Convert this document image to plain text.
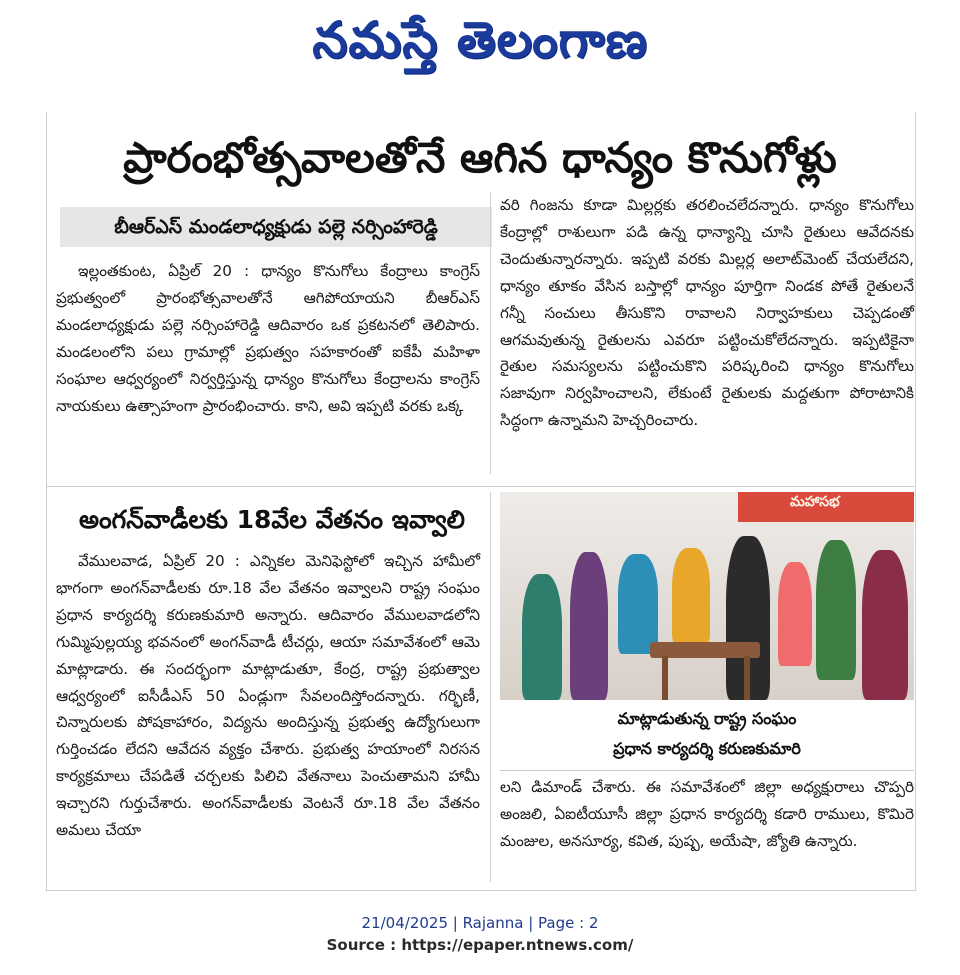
నమస్తే తెలంగాణ
ప్రారంభోత్సవాలతోనే ఆగిన ధాన్యం కొనుగోళ్లు
బీఆర్ఎస్ మండలాధ్యక్షుడు పల్లె నర్సింహారెడ్డి

ఇల్లంతకుంట, ఏప్రిల్ 20 : ధాన్యం కొనుగోలు కేంద్రాలు కాంగ్రెస్ ప్రభుత్వంలో ప్రారంభోత్సవాలతోనే ఆగిపోయాయని బీఆర్ఎస్ మండలాధ్యక్షుడు పల్లె నర్సింహారెడ్డి ఆదివారం ఒక ప్రకటనలో తెలిపారు. మండలంలోని పలు గ్రామాల్లో ప్రభుత్వం సహకారంతో ఐకేపీ మహిళా సంఘాల ఆధ్వర్యంలో నిర్వర్తిస్తున్న ధాన్యం కొనుగోలు కేంద్రాలను కాంగ్రెస్ నాయకులు ఉత్సాహంగా ప్రారంభించారు. కాని, అవి ఇప్పటి వరకు ఒక్క

వరి గింజను కూడా మిల్లర్లకు తరలించలేదన్నారు. ధాన్యం కొనుగోలు కేంద్రాల్లో రాశులుగా పడి ఉన్న ధాన్యాన్ని చూసి రైతులు ఆవేదనకు చెందుతున్నారన్నారు. ఇప్పటి వరకు మిల్లర్ల అలాట్‌మెంట్ చేయలేదని, ధాన్యం తూకం వేసిన బస్తాల్లో ధాన్యం పూర్తిగా నిండక పోతే రైతులనే గన్నీ సంచులు తీసుకొని రావాలని నిర్వాహకులు చెప్పడంతో ఆగమవుతున్న రైతులను ఎవరూ పట్టించుకోలేదన్నారు. ఇప్పటికైనా రైతుల సమస్యలను పట్టించుకొని పరిష్కరించి ధాన్యం కొనుగోలు సజావుగా నిర్వహించాలని, లేకుంటే రైతులకు మద్దతుగా పోరాటానికి సిద్ధంగా ఉన్నామని హెచ్చరించారు.

అంగన్‌వాడీలకు 18వేల వేతనం ఇవ్వాలి

వేములవాడ, ఏప్రిల్ 20 : ఎన్నికల మెనిఫెస్టోలో ఇచ్చిన హామీలో భాగంగా అంగన్‌వాడీలకు రూ.18 వేల వేతనం ఇవ్వాలని రాష్ట్ర సంఘం ప్రధాన కార్యదర్శి కరుణకుమారి అన్నారు. ఆదివారం వేములవాడలోని గుమ్మిపుల్లయ్య భవనంలో అంగన్‌వాడీ టీచర్లు, ఆయా సమావేశంలో ఆమె మాట్లాడారు. ఈ సందర్భంగా మాట్లాడుతూ, కేంద్ర, రాష్ట్ర ప్రభుత్వాల ఆధ్వర్యంలో ఐసీడీఎస్ 50 ఏండ్లుగా సేవలందిస్తోందన్నారు. గర్భిణీ, చిన్నారులకు పోషకాహారం, విద్యను అందిస్తున్న ప్రభుత్వ ఉద్యోగులుగా గుర్తించడం లేదని ఆవేదన వ్యక్తం చేశారు. ప్రభుత్వ హయాంలో నిరసన కార్యక్రమాలు చేపడితే చర్చలకు పిలిచి వేతనాలు పెంచుతామని హామీ ఇచ్చారని గుర్తుచేశారు. అంగన్‌వాడీలకు వెంటనే రూ.18 వేల వేతనం అమలు చేయా

మహాసభ
మాట్లాడుతున్న రాష్ట్ర సంఘం
ప్రధాన కార్యదర్శి కరుణకుమారి

లని డిమాండ్ చేశారు. ఈ సమావేశంలో జిల్లా అధ్యక్షురాలు చొప్పరి అంజలి, ఏఐటీయూసీ జిల్లా ప్రధాన కార్యదర్శి కడారి రాములు, కొమిరె మంజుల, అనసూర్య, కవిత, పుష్ప, అయేషా, జ్యోతి ఉన్నారు.

21/04/2025 | Rajanna | Page : 2
Source : https://epaper.ntnews.com/
